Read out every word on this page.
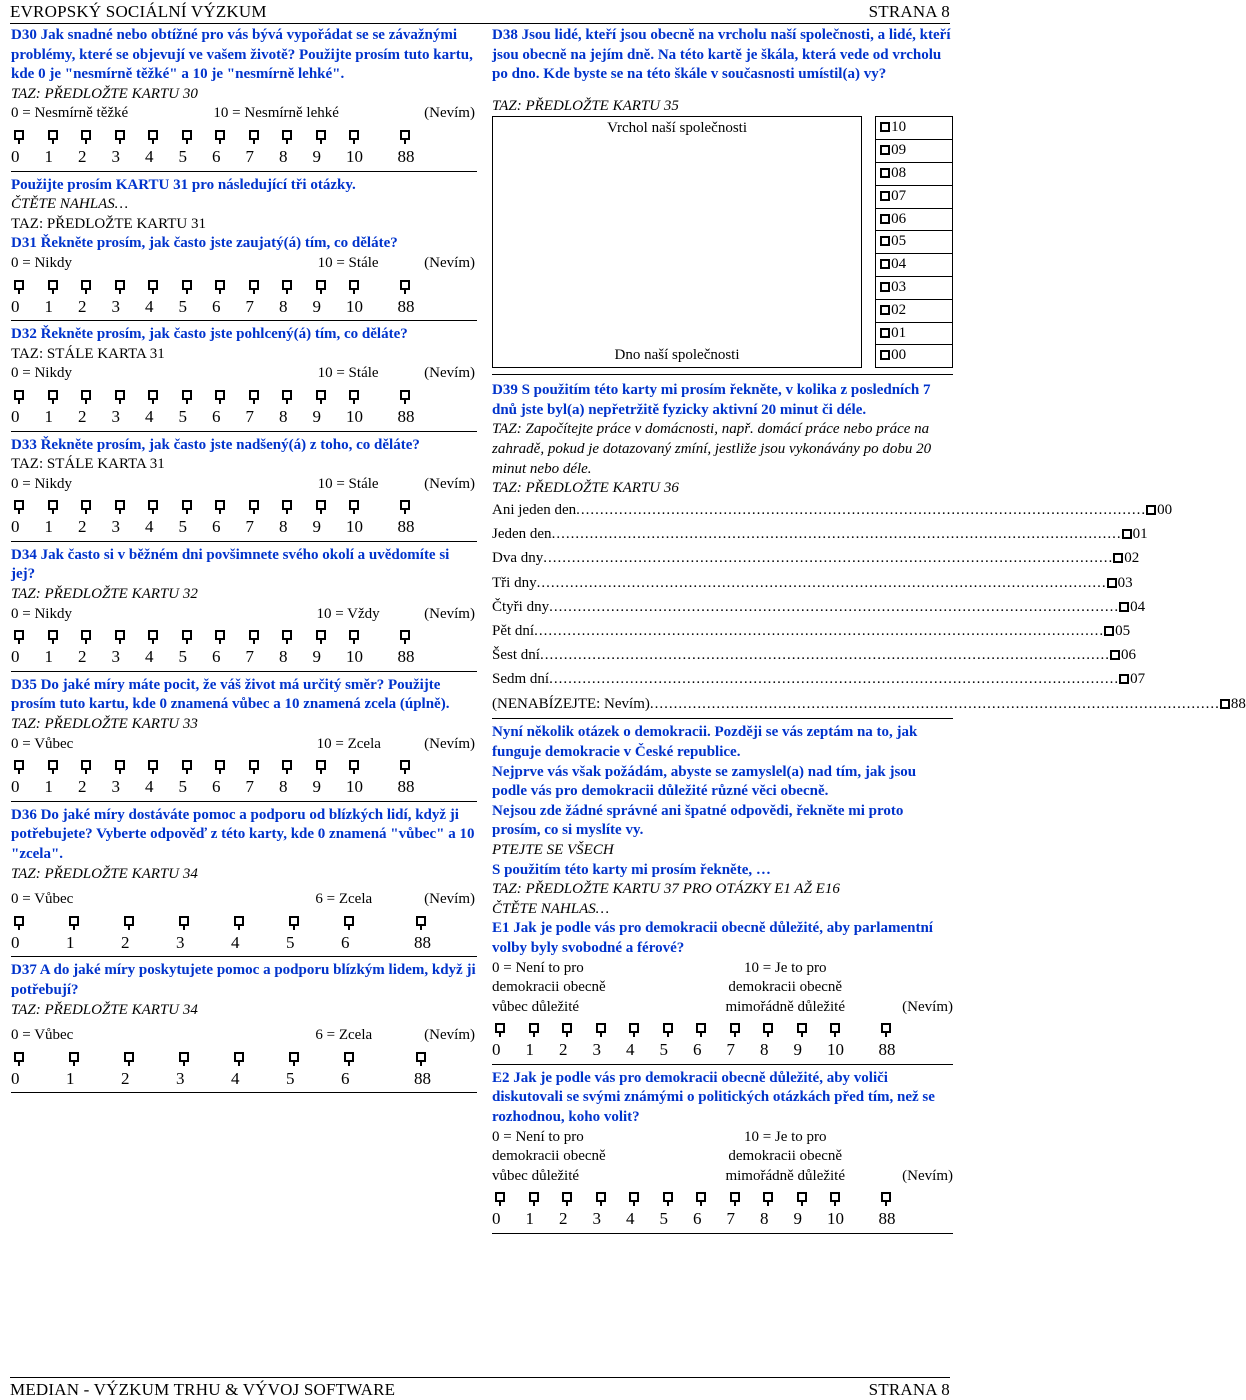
EVROPSKÝ SOCIÁLNÍ VÝZKUM	STRANA 8
D30 Jak snadné nebo obtížné pro vás bývá vypořádat se se závažnými problémy, které se objevují ve vašem životě? Použijte prosím tuto kartu, kde 0 je "nesmírně těžké" a 10 je "nesmírně lehké".
TAZ: PŘEDLOŽTE KARTU 30
0 = Nesmírně těžké	10 = Nesmírně lehké	(Nevím)
0	1	2	3	4	5	6	7	8	9	10	88
Použijte prosím KARTU 31 pro následující tři otázky.
ČTĚTE NAHLAS…
TAZ: PŘEDLOŽTE KARTU 31
D31 Řekněte prosím, jak často jste zaujatý(á) tím, co děláte?
0 = Nikdy	10 = Stále	(Nevím)
0	1	2	3	4	5	6	7	8	9	10	88
D32 Řekněte prosím, jak často jste pohlcený(á) tím, co děláte?
TAZ: STÁLE KARTA 31
0 = Nikdy	10 = Stále	(Nevím)
0	1	2	3	4	5	6	7	8	9	10	88
D33 Řekněte prosím, jak často jste nadšený(á) z toho, co děláte?
TAZ: STÁLE KARTA 31
0 = Nikdy	10 = Stále	(Nevím)
0	1	2	3	4	5	6	7	8	9	10	88
D34 Jak často si v běžném dni povšimnete svého okolí a uvědomíte si jej?
TAZ: PŘEDLOŽTE KARTU 32
0 = Nikdy	10 = Vždy	(Nevím)
0	1	2	3	4	5	6	7	8	9	10	88
D35 Do jaké míry máte pocit, že váš život má určitý směr? Použijte prosím tuto kartu, kde 0 znamená vůbec a 10 znamená zcela (úplně).
TAZ: PŘEDLOŽTE KARTU 33
0 = Vůbec	10 = Zcela	(Nevím)
0	1	2	3	4	5	6	7	8	9	10	88
D36 Do jaké míry dostáváte pomoc a podporu od blízkých lidí, když ji potřebujete? Vyberte odpověď z této karty, kde 0 znamená "vůbec" a 10 "zcela".
TAZ: PŘEDLOŽTE KARTU 34
0 = Vůbec	6 = Zcela	(Nevím)
0	1	2	3	4	5	6	88
D37 A do jaké míry poskytujete pomoc a podporu blízkým lidem, když ji potřebují?
TAZ: PŘEDLOŽTE KARTU 34
0 = Vůbec	6 = Zcela	(Nevím)
0	1	2	3	4	5	6	88
D38 Jsou lidé, kteří jsou obecně na vrcholu naší společnosti, a lidé, kteří jsou obecně na jejím dně. Na této kartě je škála, která vede od vrcholu po dno. Kde byste se na této škále v současnosti umístil(a) vy?
TAZ: PŘEDLOŽTE KARTU 35
Vrchol naší společnosti		10
		09
		08
		07
		06
		05
		04
		03
		02
		01
Dno naší společnosti		00
D39 S použitím této karty mi prosím řekněte, v kolika z posledních 7 dnů jste byl(a) nepřetržitě fyzicky aktivní 20 minut či déle.
TAZ: Započítejte práce v domácnosti, např. domácí práce nebo práce na zahradě, pokud je dotazovaný zmíní, jestliže jsou vykonávány po dobu 20 minut nebo déle.
TAZ: PŘEDLOŽTE KARTU 36
Ani jeden den ........................................................................................................................ 00
Jeden den ........................................................................................................................ 01
Dva dny ........................................................................................................................ 02
Tři dny ........................................................................................................................ 03
Čtyři dny ........................................................................................................................ 04
Pět dní ........................................................................................................................ 05
Šest dní ........................................................................................................................ 06
Sedm dní ........................................................................................................................ 07
(NENABÍZEJTE: Nevím) ........................................................................................................................ 88
Nyní několik otázek o demokracii. Později se vás zeptám na to, jak funguje demokracie v České republice.
Nejprve vás však požádám, abyste se zamyslel(a) nad tím, jak jsou podle vás pro demokracii důležité různé věci obecně.
Nejsou zde žádné správné ani špatné odpovědi, řekněte mi proto prosím, co si myslíte vy.
PTEJTE SE VŠECH
S použitím této karty mi prosím řekněte, …
TAZ: PŘEDLOŽTE KARTU 37 PRO OTÁZKY E1 AŽ E16
ČTĚTE NAHLAS…
E1 Jak je podle vás pro demokracii obecně důležité, aby parlamentní volby byly svobodné a férové?
0 = Není to pro
demokracii obecně
vůbec důležité
10 = Je to pro
demokracii obecně
mimořádně důležité	(Nevím)
0	1	2	3	4	5	6	7	8	9	10	88
E2 Jak je podle vás pro demokracii obecně důležité, aby voliči diskutovali se svými známými o politických otázkách před tím, než se rozhodnou, koho volit?
0 = Není to pro
demokracii obecně
vůbec důležité
10 = Je to pro
demokracii obecně
mimořádně důležité	(Nevím)
0	1	2	3	4	5	6	7	8	9	10	88
MEDIAN - VÝZKUM TRHU & VÝVOJ SOFTWARE	STRANA 8
